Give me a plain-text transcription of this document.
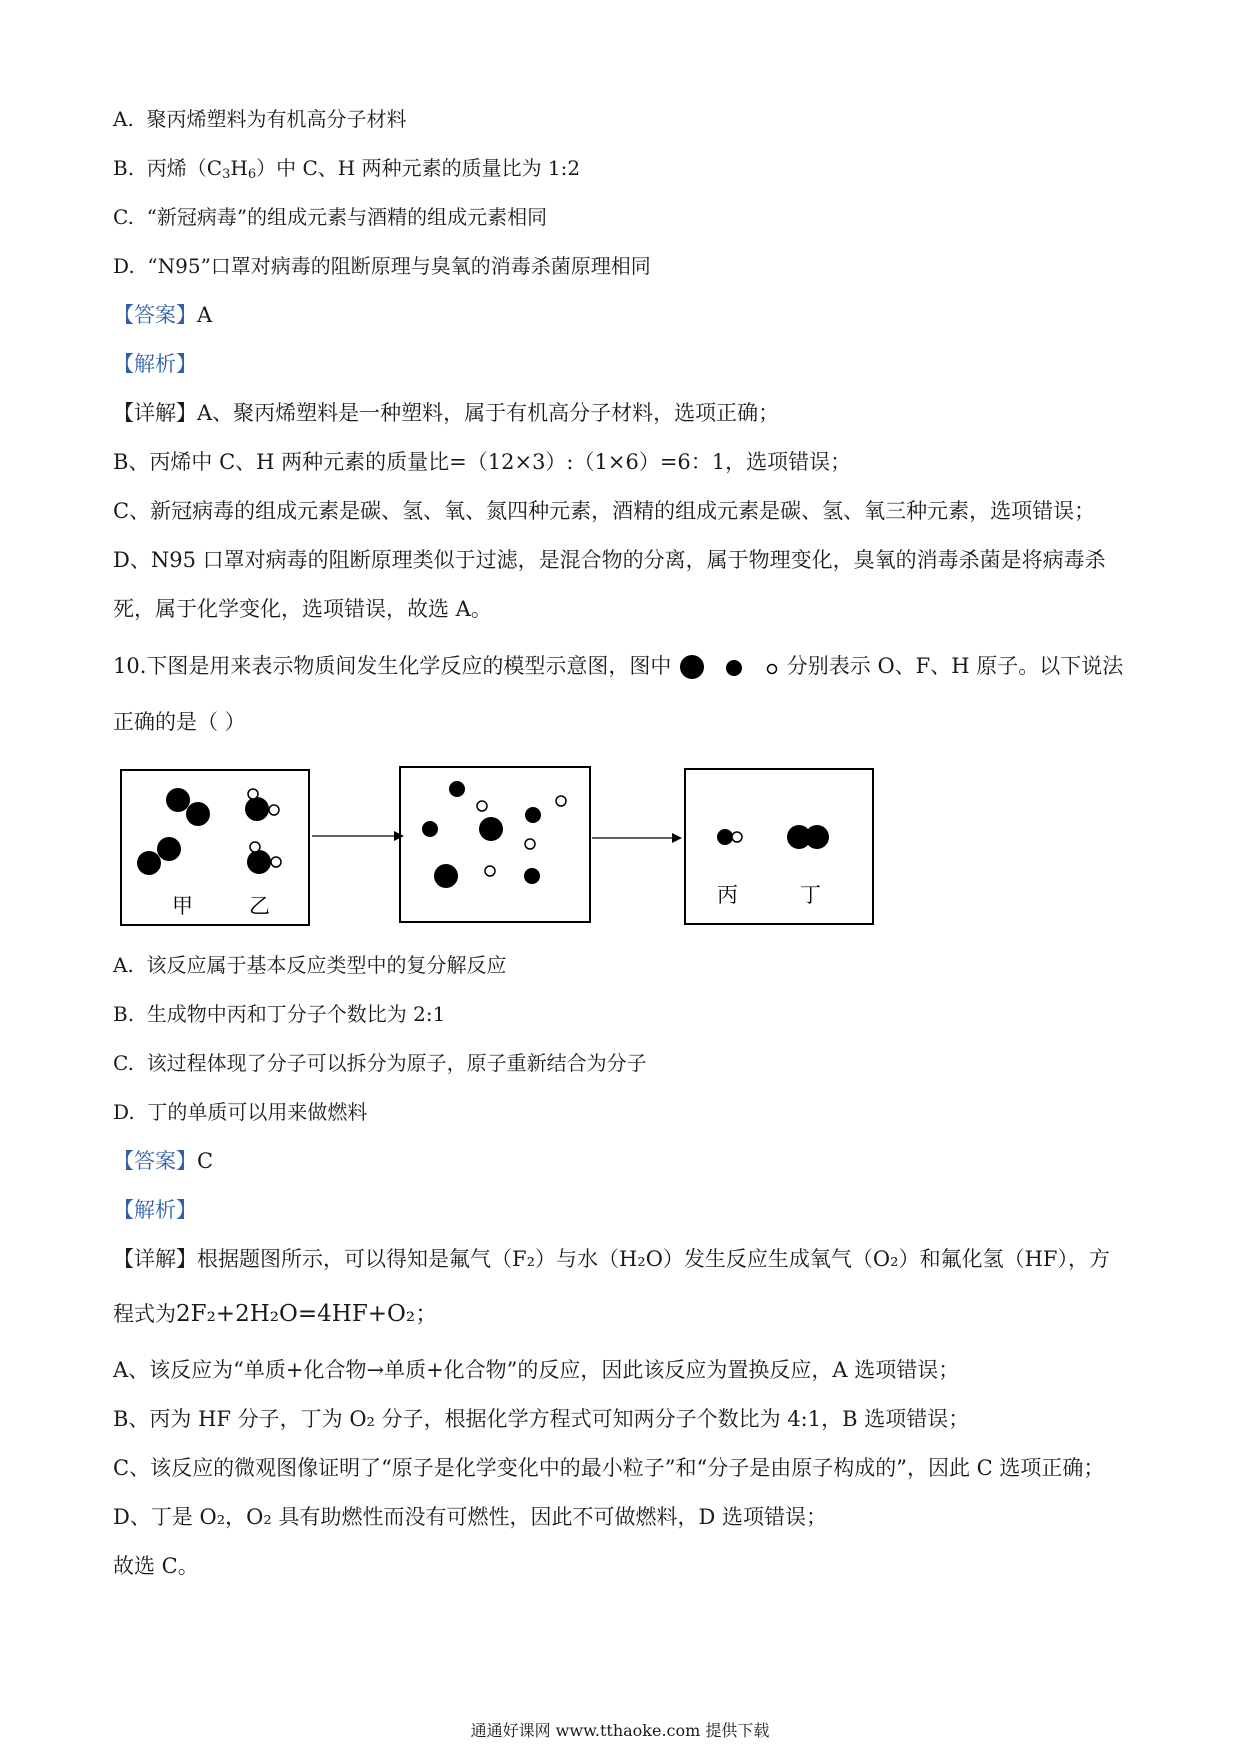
A. 聚丙烯塑料为有机高分子材料
B. 丙烯$(C_3H_6)$中 C、H 两种元素的质量比为 1:2
C. “新冠病毒”的组成元素与酒精的组成元素相同
D. “N95”口罩对病毒的阻断原理与臭氧的消毒杀菌原理相同
【答案】A
【解析】
【详解】A、聚丙烯塑料是一种塑料，属于有机高分子材料，选项正确；
B、丙烯中 C、H 两种元素的质量比=（12×3）:（1×6）=6：1，选项错误；
C、新冠病毒的组成元素是碳、氢、氧、氮四种元素，酒精的组成元素是碳、氢、氧三种元素，选项错误；
D、N95 口罩对病毒的阻断原理类似于过滤，是混合物的分离，属于物理变化，臭氧的消毒杀菌是将病毒杀
死，属于化学变化，选项错误，故选 A。
10.下图是用来表示物质间发生化学反应的模型示意图，图中	分别表示 O、F、H 原子。以下说法
正确的是（ ）
甲	乙	丙	丁
A. 该反应属于基本反应类型中的复分解反应
B. 生成物中丙和丁分子个数比为 2:1
C. 该过程体现了分子可以拆分为原子，原子重新结合为分子
D. 丁的单质可以用来做燃料
【答案】C
【解析】
【详解】根据题图所示，可以得知是氟气（F₂）与水（H₂O）发生反应生成氧气（O₂）和氟化氢（HF），方
程式为2F₂+2H₂O=4HF+O₂；
A、该反应为“单质+化合物→单质+化合物”的反应，因此该反应为置换反应，A 选项错误；
B、丙为 HF 分子，丁为 O₂ 分子，根据化学方程式可知两分子个数比为 4:1，B 选项错误；
C、该反应的微观图像证明了“原子是化学变化中的最小粒子”和“分子是由原子构成的”，因此 C 选项正确；
D、丁是 O₂，O₂ 具有助燃性而没有可燃性，因此不可做燃料，D 选项错误；
故选 C。
通通好课网 www.tthaoke.com 提供下载
